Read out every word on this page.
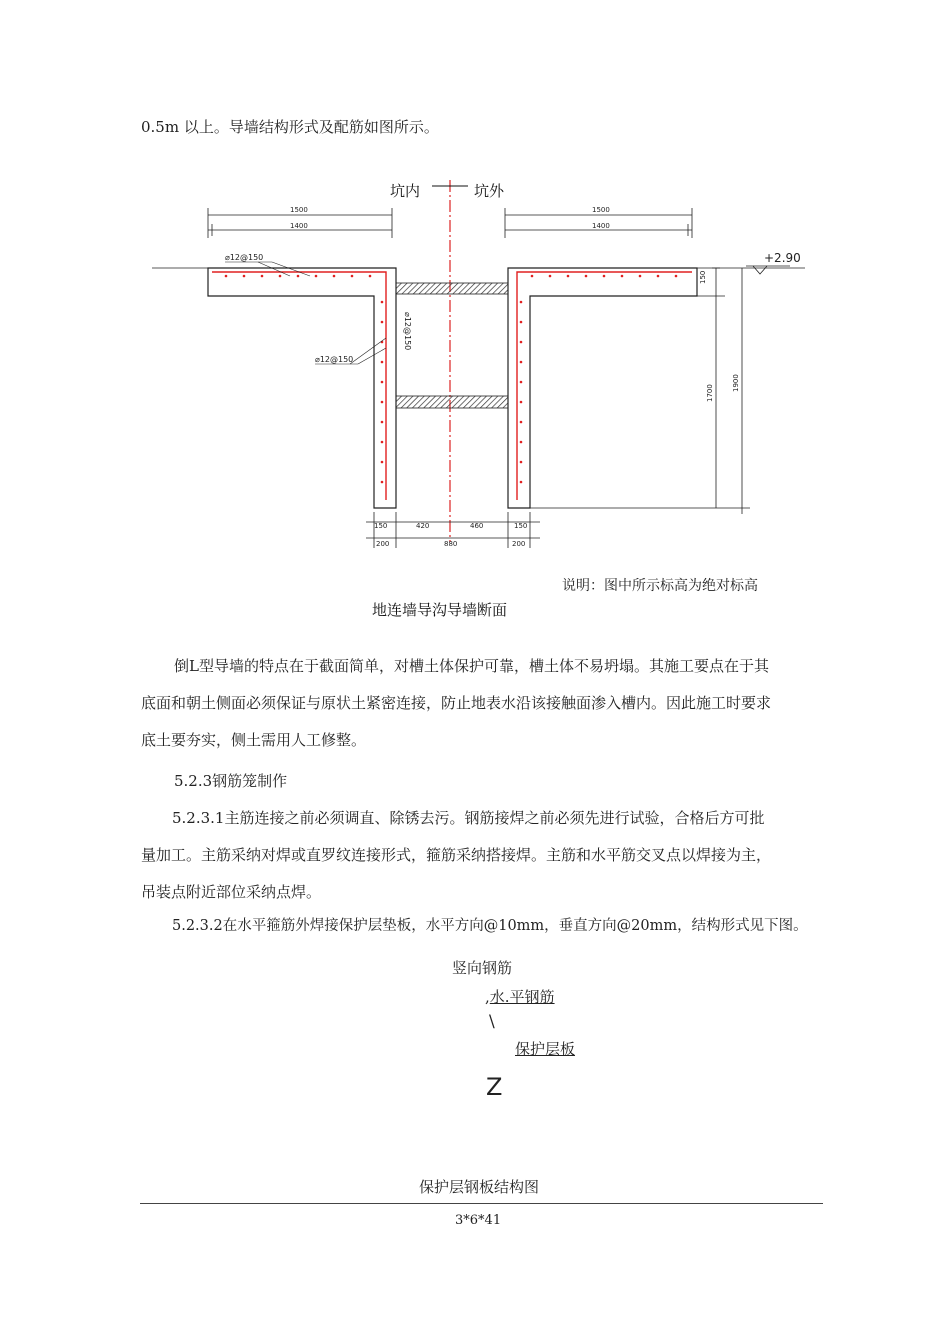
0.5m 以上。导墙结构形式及配筋如图所示。
坑内	坑外
1500
1400
1500
1400
+2.90
⌀12@150
⌀12@150
⌀12@150
150
1700
1900
150	420	460	150
200	880	200
说明：图中所示标高为绝对标高
地连墙导沟导墙断面
倒L型导墙的特点在于截面简单，对槽土体保护可靠，槽土体不易坍塌。其施工要点在于其
底面和朝土侧面必须保证与原状土紧密连接，防止地表水沿该接触面渗入槽内。因此施工时要求
底土要夯实，侧土需用人工修整。
5.2.3钢筋笼制作
5.2.3.1主筋连接之前必须调直、除锈去污。钢筋接焊之前必须先进行试验，合格后方可批
量加工。主筋采纳对焊或直罗纹连接形式，箍筋采纳搭接焊。主筋和水平筋交叉点以焊接为主，
吊装点附近部位采纳点焊。
5.2.3.2在水平箍筋外焊接保护层垫板，水平方向@10mm，垂直方向@20mm，结构形式见下图。
竖向钢筋
,水.平钢筋
\
保护层板
Z
保护层钢板结构图
3*6*41
